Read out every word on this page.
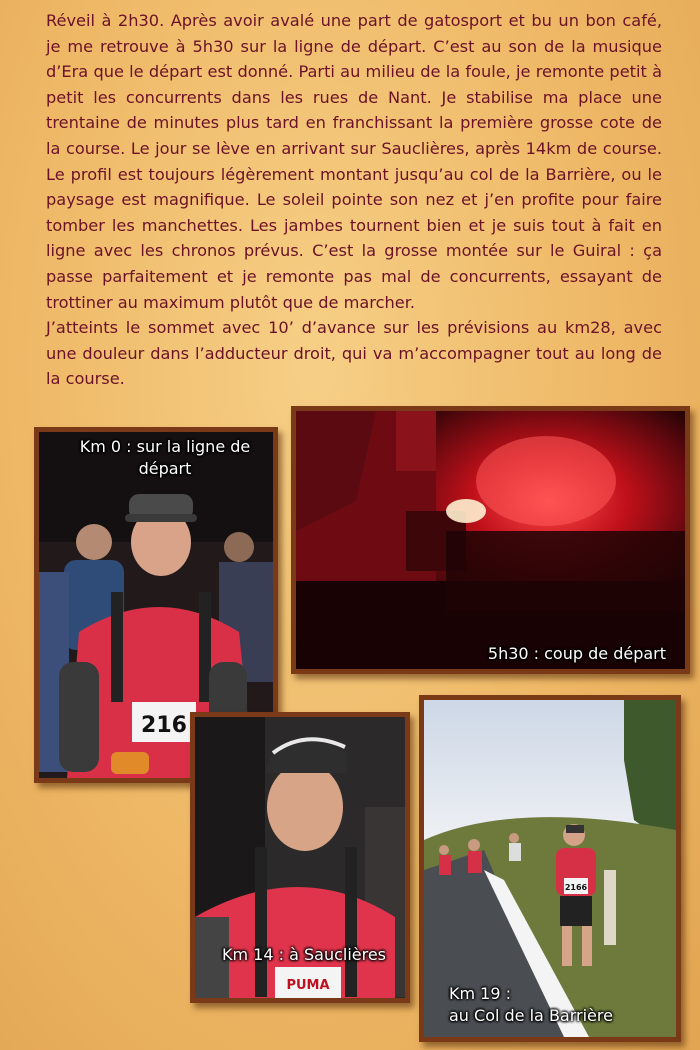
Réveil à 2h30. Après avoir avalé une part de gatosport et bu un bon café, je me retrouve à 5h30 sur la ligne de départ. C’est au son de la musique d’Era que le départ est donné. Parti au milieu de la foule, je remonte petit à petit les concurrents dans les rues de Nant. Je stabilise ma place une trentaine de minutes plus tard en franchissant la première grosse cote de la course. Le jour se lève en arrivant sur Sauclières, après 14km de course. Le profil est toujours légèrement montant jusqu’au col de la Barrière, ou le paysage est magnifique. Le soleil pointe son nez et j’en profite pour faire tomber les manchettes. Les jambes tournent bien et je suis tout à fait en ligne avec les chronos prévus. C’est la grosse montée sur le Guiral : ça passe parfaitement et je remonte pas mal de concurrents, essayant de trottiner au maximum plutôt que de marcher.

J’atteints le sommet avec 10’ d’avance sur les prévisions au km28, avec une douleur dans l’adducteur droit, qui va m’accompagner tout au long de la course.

216
Km 0 : sur la ligne de
départ
5h30 : coup de départ
PUMA
Km 14 : à Sauclières
2166
Km 19 :
au Col de la Barrière
